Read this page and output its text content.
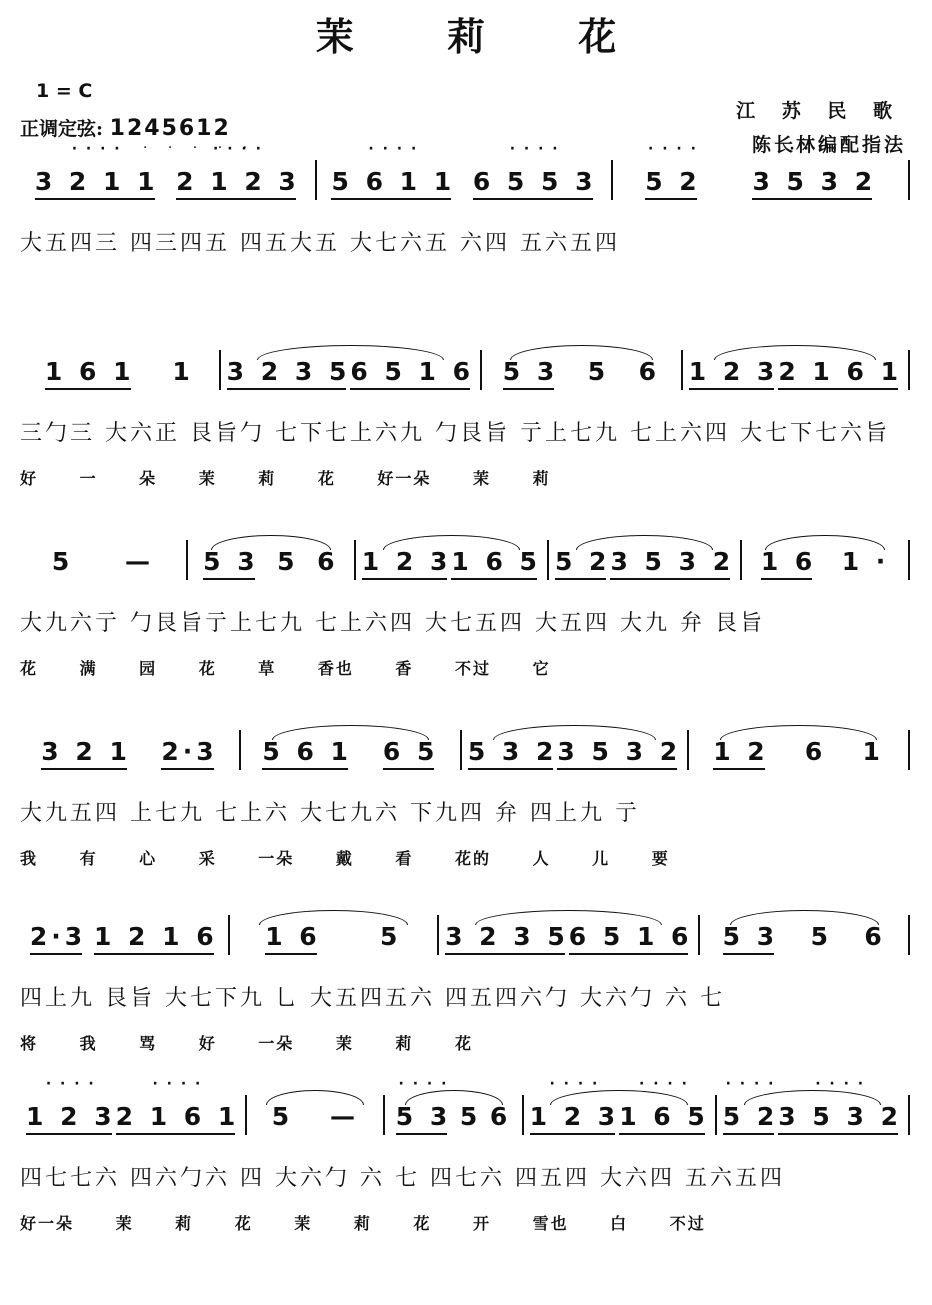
茉 莉 花
1 = C
正调定弦: 1245612
· · · · ·
江 苏 民 歌
陈长林编配指法
· · · · 3 2 1 1 · · · · 2 1 2 3 · · · · 5 6 1 1 · · · · 6 5 5 3 · · · · 5 2 · · · · 3 5 3 2
大五四三 四三四五 四五大五 大七六五 六四 五六五四
1 6 1 1 3 2 3 5 6 5 1 6 5 3 5 6 1 2 3 2 1 6 1
三勹三 大六正 艮旨勹 七下七上六九 勹艮旨 亍上七九 七上六四 大七下七六旨
好 一 朵 茉 莉 花 好一朵 茉 莉
5 — 5 3 5 6 1 2 3 1 6 5 5 2 3 5 3 2 1 6 1 ·
大九六亍 勹艮旨亍上七九 七上六四 大七五四 大五四 大九 弁 艮旨
花 满 园 花 草 香也 香 不过 它
3 2 1 2·3 5 6 1 6 5 5 3 2 3 5 3 2 1 2 6 1
大九五四 上七九 七上六 大七九六 下九四 弁 四上九 亍
我 有 心 采 一朵 戴 看 花的 人 儿 要
2·3 1 2 1 6 1 6 5 3 2 3 5 6 5 1 6 5 3 5 6
四上九 艮旨 大七下九 乚 大五四五六 四五四六勹 大六勹 六 七
将 我 骂 好 一朵 茉 莉 花
· · · · 1 2 3 · · · · 2 1 6 1 5 — · · · · 5 3 5 6 · · · · 1 2 3 · · · · 1 6 5 · · · · 5 2 · · · · 3 5 3 2
四七七六 四六勹六 四 大六勹 六 七 四七六 四五四 大六四 五六五四
好一朵 茉 莉 花 茉 莉 花 开 雪也 白 不过
